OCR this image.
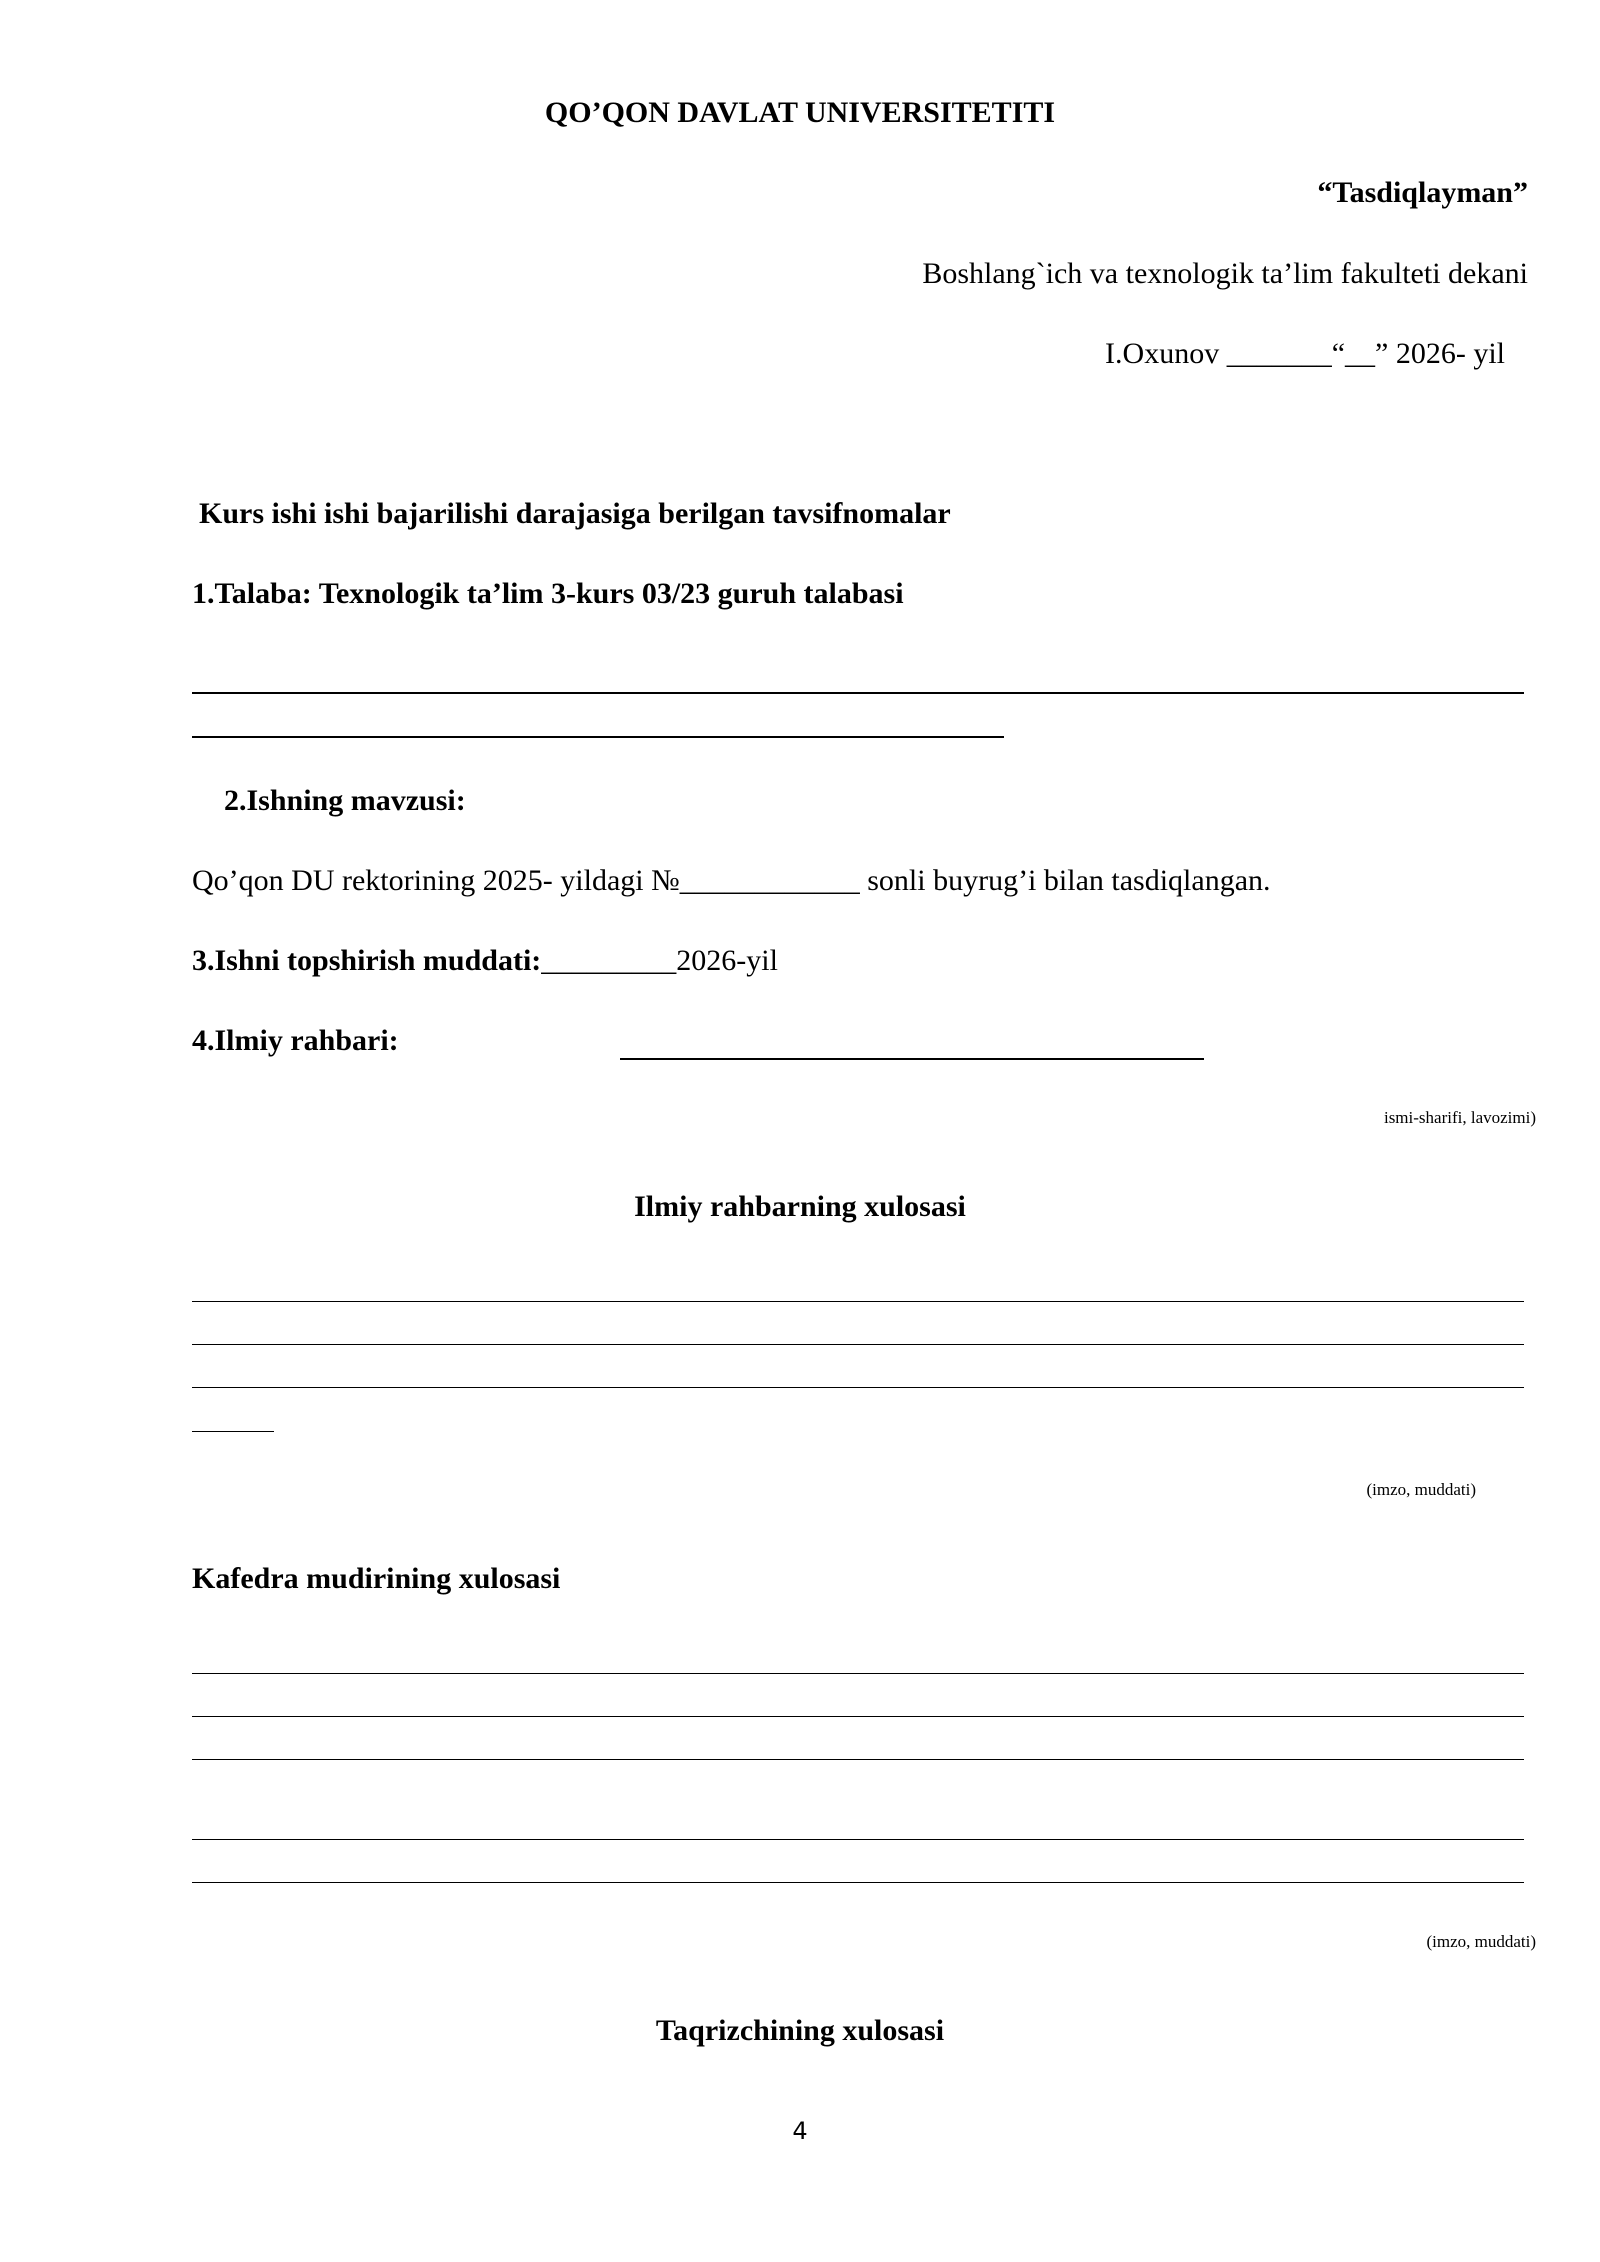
QO’QON DAVLAT UNIVERSITETITI
“Tasdiqlayman”
Boshlang`ich va texnologik ta’lim fakulteti dekani
I.Oxunov _______“__” 2026- yil
Kurs ishi ishi bajarilishi darajasiga berilgan tavsifnomalar
1.Talaba: Texnologik ta’lim 3-kurs 03/23 guruh talabasi
2.Ishning mavzusi:
Qo’qon DU rektorining 2025- yildagi №____________ sonli buyrug’i bilan tasdiqlangan.
3.Ishni topshirish muddati:_________2026-yil
4.Ilmiy rahbari:
ismi-sharifi, lavozimi)
Ilmiy rahbarning xulosasi
(imzo, muddati)
Kafedra mudirining xulosasi
(imzo, muddati)
Taqrizchining xulosasi
4
